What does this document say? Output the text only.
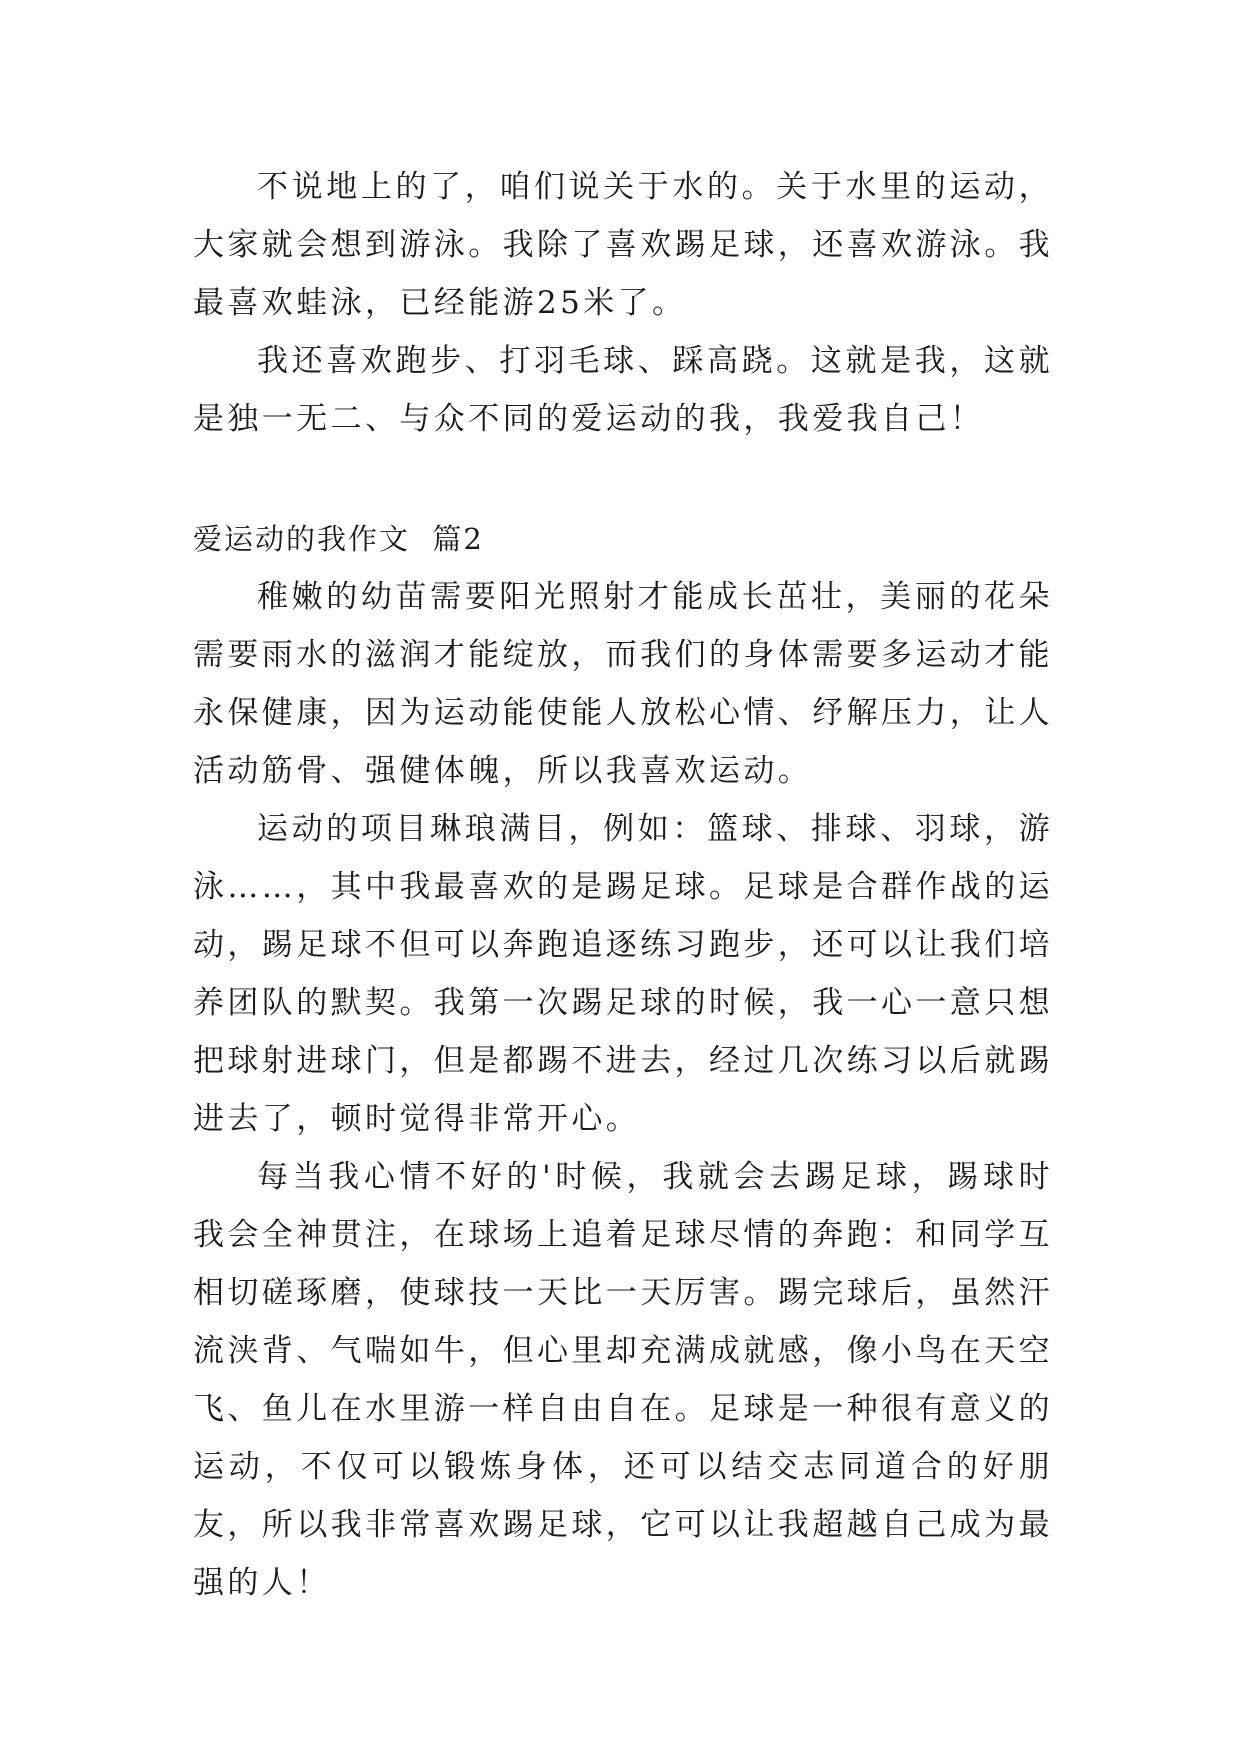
不说地上的了，咱们说关于水的。关于水里的运动，大家就会想到游泳。我除了喜欢踢足球，还喜欢游泳。我最喜欢蛙泳，已经能游25米了。

我还喜欢跑步、打羽毛球、踩高跷。这就是我，这就是独一无二、与众不同的爱运动的我，我爱我自己！

爱运动的我作文  篇2

稚嫩的幼苗需要阳光照射才能成长茁壮，美丽的花朵需要雨水的滋润才能绽放，而我们的身体需要多运动才能永保健康，因为运动能使能人放松心情、纾解压力，让人活动筋骨、强健体魄，所以我喜欢运动。

运动的项目琳琅满目，例如：篮球、排球、羽球，游泳……，其中我最喜欢的是踢足球。足球是合群作战的运动，踢足球不但可以奔跑追逐练习跑步，还可以让我们培养团队的默契。我第一次踢足球的时候，我一心一意只想把球射进球门，但是都踢不进去，经过几次练习以后就踢进去了，顿时觉得非常开心。

每当我心情不好的'时候，我就会去踢足球，踢球时我会全神贯注，在球场上追着足球尽情的奔跑：和同学互相切磋琢磨，使球技一天比一天厉害。踢完球后，虽然汗流浃背、气喘如牛，但心里却充满成就感，像小鸟在天空飞、鱼儿在水里游一样自由自在。足球是一种很有意义的运动，不仅可以锻炼身体，还可以结交志同道合的好朋友，所以我非常喜欢踢足球，它可以让我超越自己成为最强的人！
